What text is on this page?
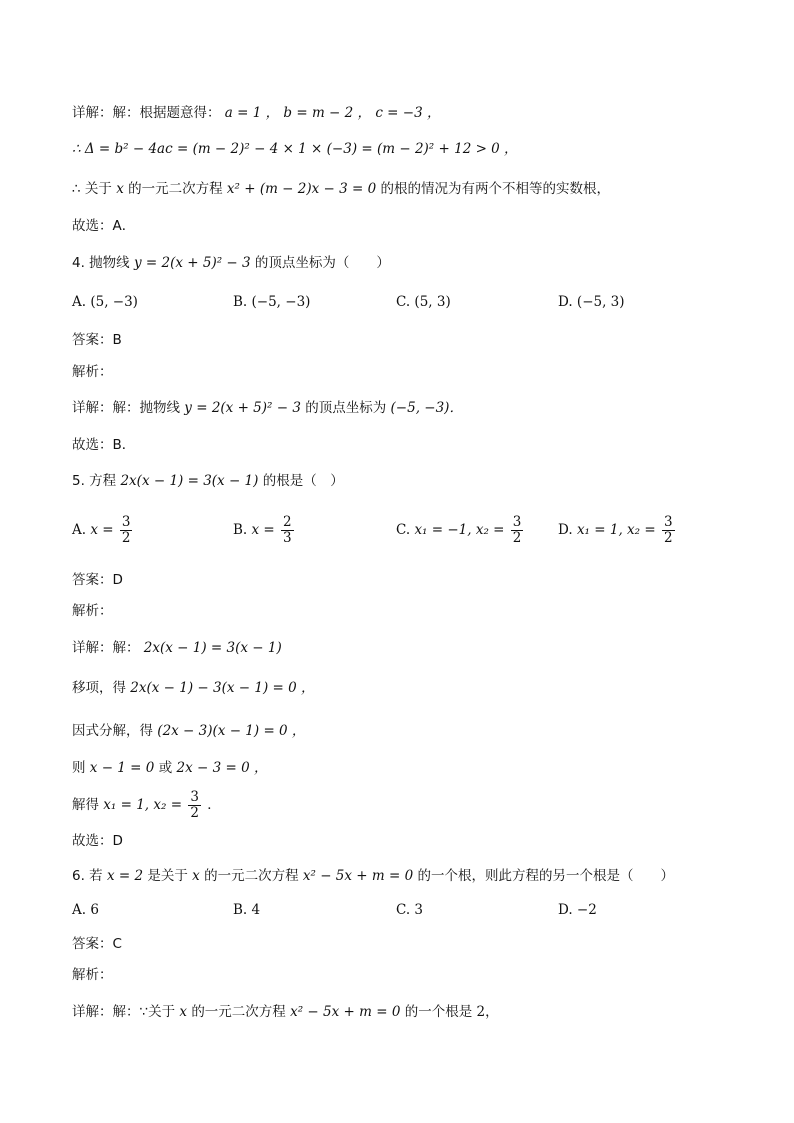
详解：解：根据题意得： a = 1 ， b = m − 2 ， c = −3 ，
∴ Δ = b² − 4ac = (m − 2)² − 4 × 1 × (−3) = (m − 2)² + 12 > 0 ，
∴ 关于 x 的一元二次方程 x² + (m − 2)x − 3 = 0 的根的情况为有两个不相等的实数根，
故选：A．
4. 抛物线 y = 2(x + 5)² − 3 的顶点坐标为（　　）
A. (5, −3)	B. (−5, −3)	C. (5, 3)	D. (−5, 3)
答案：B
解析：
详解：解：抛物线 y = 2(x + 5)² − 3 的顶点坐标为 (−5, −3)．
故选：B．
5. 方程 2x(x − 1) = 3(x − 1) 的根是（　）
A. $x = \frac{3}{2}$	B. $x = \frac{2}{3}$	C. x₁ = −1, $x_2 = \frac{3}{2}$	D. x₁ = 1, $x_2 = \frac{3}{2}$
答案：D
解析：
详解：解： 2x(x − 1) = 3(x − 1)
移项，得 2x(x − 1) − 3(x − 1) = 0 ，
因式分解，得 (2x − 3)(x − 1) = 0 ，
则 x − 1 = 0 或 2x − 3 = 0 ，
解得 x₁ = 1, $x_2 = \frac{3}{2}$ ．
故选：D
6. 若 x = 2 是关于 x 的一元二次方程 x² − 5x + m = 0 的一个根，则此方程的另一个根是（　　）
A. 6	B. 4	C. 3	D. −2
答案：C
解析：
详解：解：∵关于 x 的一元二次方程 x² − 5x + m = 0 的一个根是 2，
